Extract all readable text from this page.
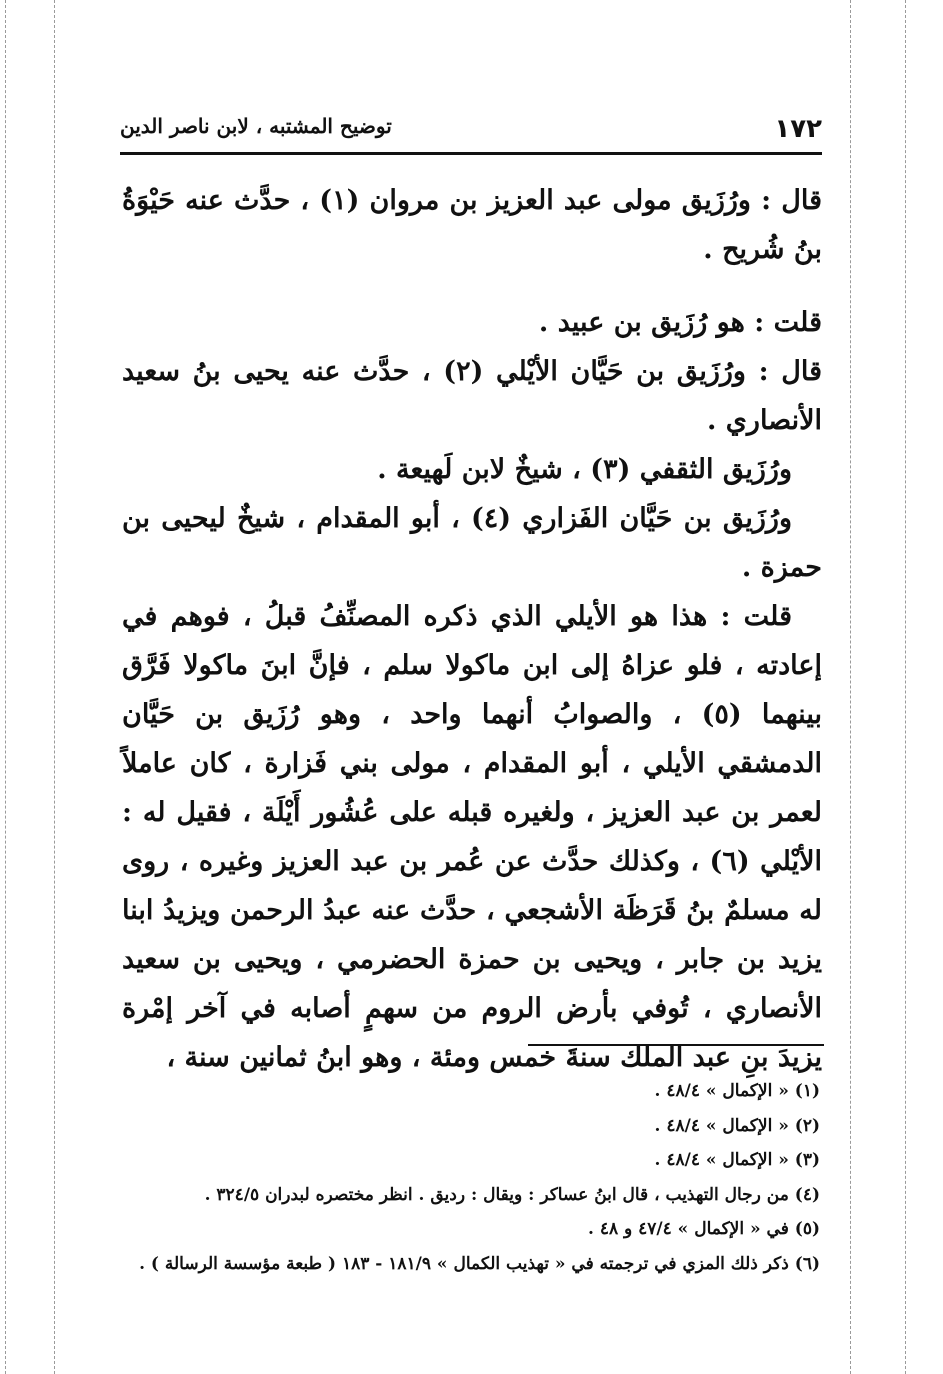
١٧٢
توضيح المشتبه ، لابن ناصر الدين

قال : ورُزَيق مولى عبد العزيز بن مروان (١) ، حدَّث عنه حَيْوَةُ بنُ شُريح .

قلت : هو رُزَيق بن عبيد .

قال : ورُزَيق بن حَيَّان الأيْلي (٢) ، حدَّث عنه يحيى بنُ سعيد الأنصاري .

ورُزَيق الثقفي (٣) ، شيخٌ لابن لَهيعة .

ورُزَيق بن حَيَّان الفَزاري (٤) ، أبو المقدام ، شيخٌ ليحيى بن حمزة .

قلت : هذا هو الأيلي الذي ذكره المصنِّفُ قبلُ ، فوهم في إعادته ، فلو عزاهُ إلى ابن ماكولا سلم ، فإنَّ ابنَ ماكولا فَرَّق بينهما (٥) ، والصوابُ أنهما واحد ، وهو رُزَيق بن حَيَّان الدمشقي الأيلي ، أبو المقدام ، مولى بني فَزارة ، كان عاملاً لعمر بن عبد العزيز ، ولغيره قبله على عُشُور أَيْلَة ، فقيل له : الأيْلي (٦) ، وكذلك حدَّث عن عُمر بن عبد العزيز وغيره ، روى له مسلمٌ بنُ قَرَظَة الأشجعي ، حدَّث عنه عبدُ الرحمن ويزيدُ ابنا يزيد بن جابر ، ويحيى بن حمزة الحضرمي ، ويحيى بن سعيد الأنصاري ، تُوفي بأرض الروم من سهمٍ أصابه في آخر إمْرة يزيدَ بنِ عبد الملك سنةَ خمس ومئة ، وهو ابنُ ثمانين سنة ،

(١) « الإكمال » ٤٨/٤ .
(٢) « الإكمال » ٤٨/٤ .
(٣) « الإكمال » ٤٨/٤ .
(٤) من رجال التهذيب ، قال ابنُ عساكر : ويقال : رديق . انظر مختصره لبدران ٣٢٤/٥ .
(٥) في « الإكمال » ٤٧/٤ و ٤٨ .
(٦) ذكر ذلك المزي في ترجمته في « تهذيب الكمال » ١٨١/٩ - ١٨٣ ( طبعة مؤسسة الرسالة ) .
